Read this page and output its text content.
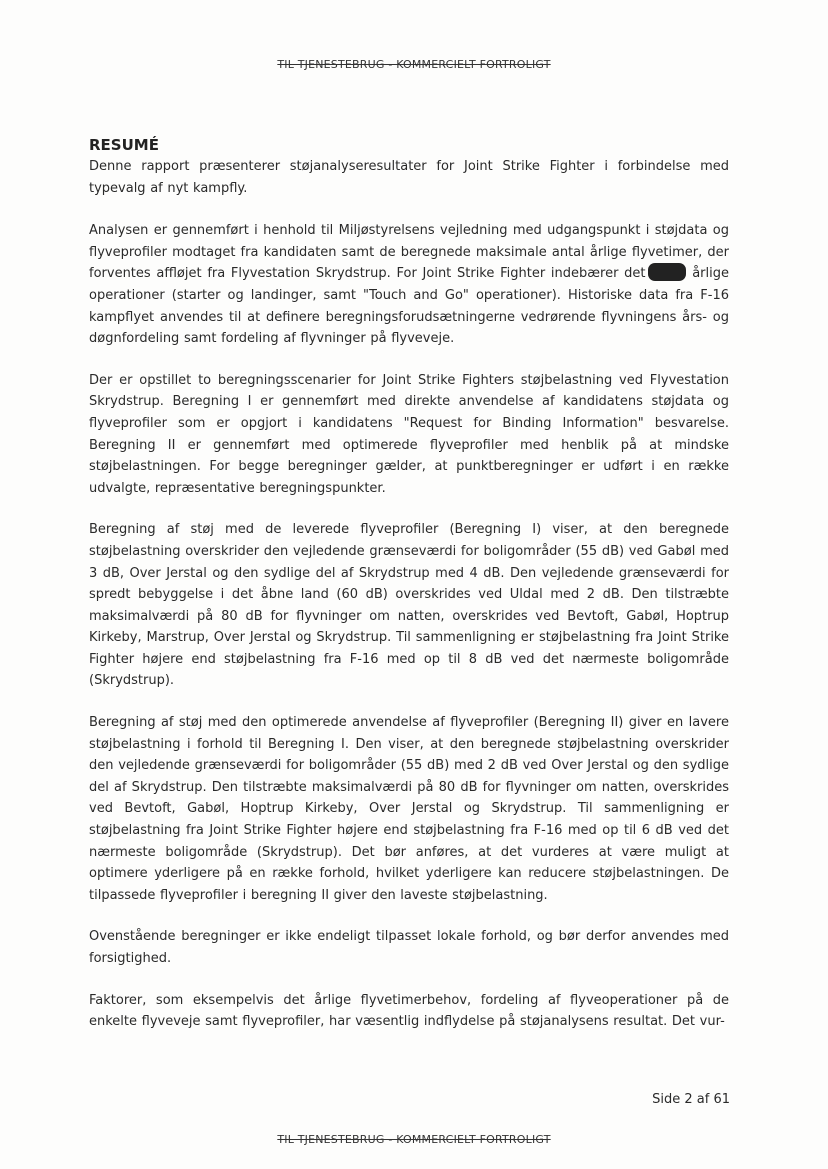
TIL TJENESTEBRUG - KOMMERCIELT FORTROLIGT
RESUMÉ

Denne rapport præsenterer støjanalyseresultater for Joint Strike Fighter i forbindelse med typevalg af nyt kampfly.

Analysen er gennemført i henhold til Miljøstyrelsens vejledning med udgangspunkt i støjdata og flyveprofiler modtaget fra kandidaten samt de beregnede maksimale antal årlige flyvetimer, der forventes affløjet fra Flyvestation Skrydstrup. For Joint Strike Fighter indebærer det	årlige operationer (starter og landinger, samt "Touch and Go" operationer). Historiske data fra F-16 kampflyet anvendes til at definere beregningsforudsætningerne vedrørende flyvningens års- og døgnfordeling samt fordeling af flyvninger på flyveveje.

Der er opstillet to beregningsscenarier for Joint Strike Fighters støjbelastning ved Flyvestation Skrydstrup. Beregning I er gennemført med direkte anvendelse af kandidatens støjdata og flyveprofiler som er opgjort i kandidatens "Request for Binding Information" besvarelse. Beregning II er gennemført med optimerede flyveprofiler med henblik på at mindske støjbelastningen. For begge beregninger gælder, at punktberegninger er udført i en række udvalgte, repræsentative beregningspunkter.

Beregning af støj med de leverede flyveprofiler (Beregning I) viser, at den beregnede støjbelastning overskrider den vejledende grænseværdi for boligområder (55 dB) ved Gabøl med 3 dB, Over Jerstal og den sydlige del af Skrydstrup med 4 dB. Den vejledende grænseværdi for spredt bebyggelse i det åbne land (60 dB) overskrides ved Uldal med 2 dB. Den tilstræbte maksimalværdi på 80 dB for flyvninger om natten, overskrides ved Bevtoft, Gabøl, Hoptrup Kirkeby, Marstrup, Over Jerstal og Skrydstrup. Til sammenligning er støjbelastning fra Joint Strike Fighter højere end støjbelastning fra F-16 med op til 8 dB ved det nærmeste boligområde (Skrydstrup).

Beregning af støj med den optimerede anvendelse af flyveprofiler (Beregning II) giver en lavere støjbelastning i forhold til Beregning I. Den viser, at den beregnede støjbelastning overskrider den vejledende grænseværdi for boligområder (55 dB) med 2 dB ved Over Jerstal og den sydlige del af Skrydstrup. Den tilstræbte maksimalværdi på 80 dB for flyvninger om natten, overskrides ved Bevtoft, Gabøl, Hoptrup Kirkeby, Over Jerstal og Skrydstrup. Til sammenligning er støjbelastning fra Joint Strike Fighter højere end støjbelastning fra F-16 med op til 6 dB ved det nærmeste boligområde (Skrydstrup). Det bør anføres, at det vurderes at være muligt at optimere yderligere på en række forhold, hvilket yderligere kan reducere støjbelastningen. De tilpassede flyveprofiler i beregning II giver den laveste støjbelastning.

Ovenstående beregninger er ikke endeligt tilpasset lokale forhold, og bør derfor anvendes med forsigtighed.

Faktorer, som eksempelvis det årlige flyvetimerbehov, fordeling af flyveoperationer på de enkelte flyveveje samt flyveprofiler, har væsentlig indflydelse på støjanalysens resultat. Det vur-

Side 2 af 61
TIL TJENESTEBRUG - KOMMERCIELT FORTROLIGT
